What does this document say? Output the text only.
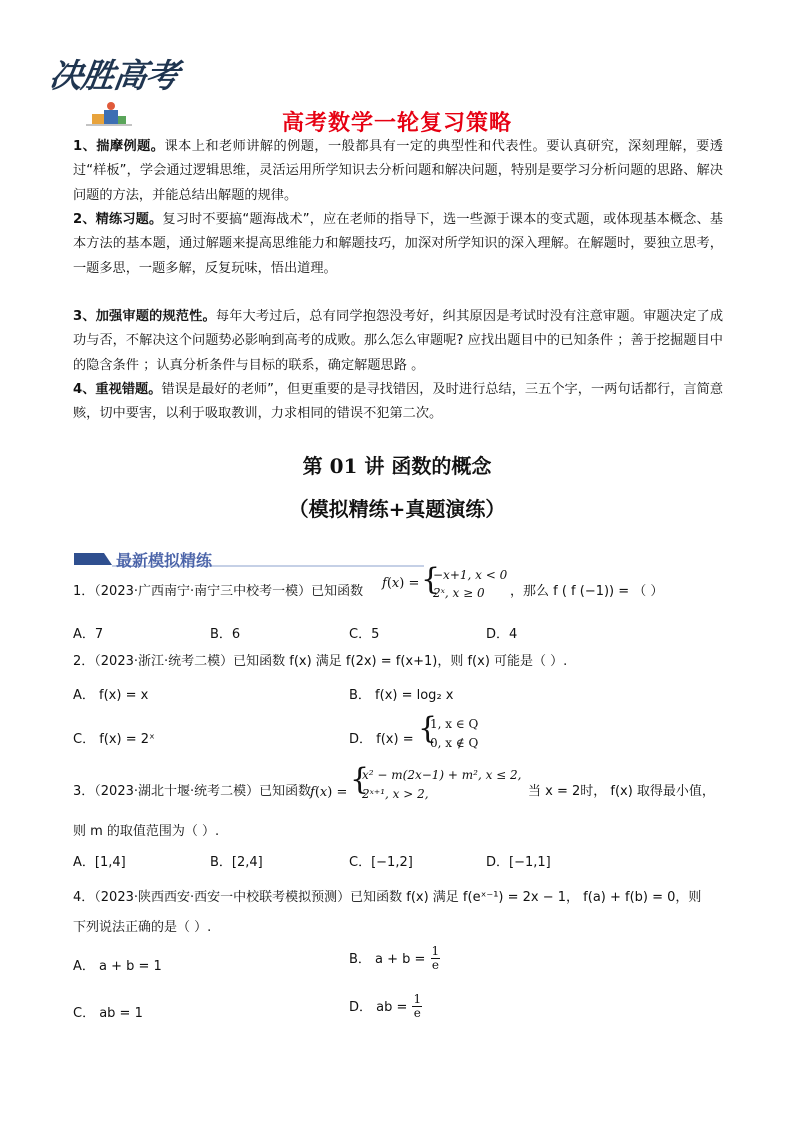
决胜高考
高考数学一轮复习策略
1、揣摩例题。课本上和老师讲解的例题，一般都具有一定的典型性和代表性。要认真研究，深刻理解，要透过“样板”，学会通过逻辑思维，灵活运用所学知识去分析问题和解决问题，特别是要学习分析问题的思路、解决问题的方法，并能总结出解题的规律。
2、精练习题。复习时不要搞“题海战术”，应在老师的指导下，选一些源于课本的变式题，或体现基本概念、基本方法的基本题，通过解题来提高思维能力和解题技巧，加深对所学知识的深入理解。在解题时，要独立思考，一题多思，一题多解，反复玩味，悟出道理。
3、加强审题的规范性。每年大考过后，总有同学抱怨没考好，纠其原因是考试时没有注意审题。审题决定了成功与否，不解决这个问题势必影响到高考的成败。那么怎么审题呢? 应找出题目中的已知条件 ；善于挖掘题目中的隐含条件 ；认真分析条件与目标的联系，确定解题思路 。
4、重视错题。错误是最好的老师”，但更重要的是寻找错因，及时进行总结，三五个字，一两句话都行，言简意赅，切中要害，以利于吸取教训，力求相同的错误不犯第二次。
第 01 讲 函数的概念
（模拟精练+真题演练）
最新模拟精练
1．（2023·广西南宁·南宁三中校考一模）已知函数
f(x) = {
−x+1, x < 0
2ˣ, x ≥ 0 ，那么 f ( f (−1)) = （ ）
A．7	B．6	C．5	D．4
2．（2023·浙江·统考二模）已知函数 f(x) 满足 f(2x) = f(x+1)，则 f(x) 可能是（ ）.
A． f(x) = x	B． f(x) = log₂ x
C． f(x) = 2ˣ	D． f(x) = {
1, x ∈ Q
0, x ∉ Q
3．（2023·湖北十堰·统考二模）已知函数
f(x) = {
x² − m(2x−1) + m², x ≤ 2,
2ˣ⁺¹, x > 2,	当 x = 2时， f(x) 取得最小值，
则 m 的取值范围为（ ）.
A．[1,4]	B．[2,4]	C．[−1,2]	D．[−1,1]
4．（2023·陕西西安·西安一中校联考模拟预测）已知函数 f(x) 满足 f(eˣ⁻¹) = 2x − 1， f(a) + f(b) = 0，则
下列说法正确的是（ ）.
A． a + b = 1	B． $a + b = \frac{1}{e}$
C． ab = 1	D． ab = $\frac{1}{e}$
